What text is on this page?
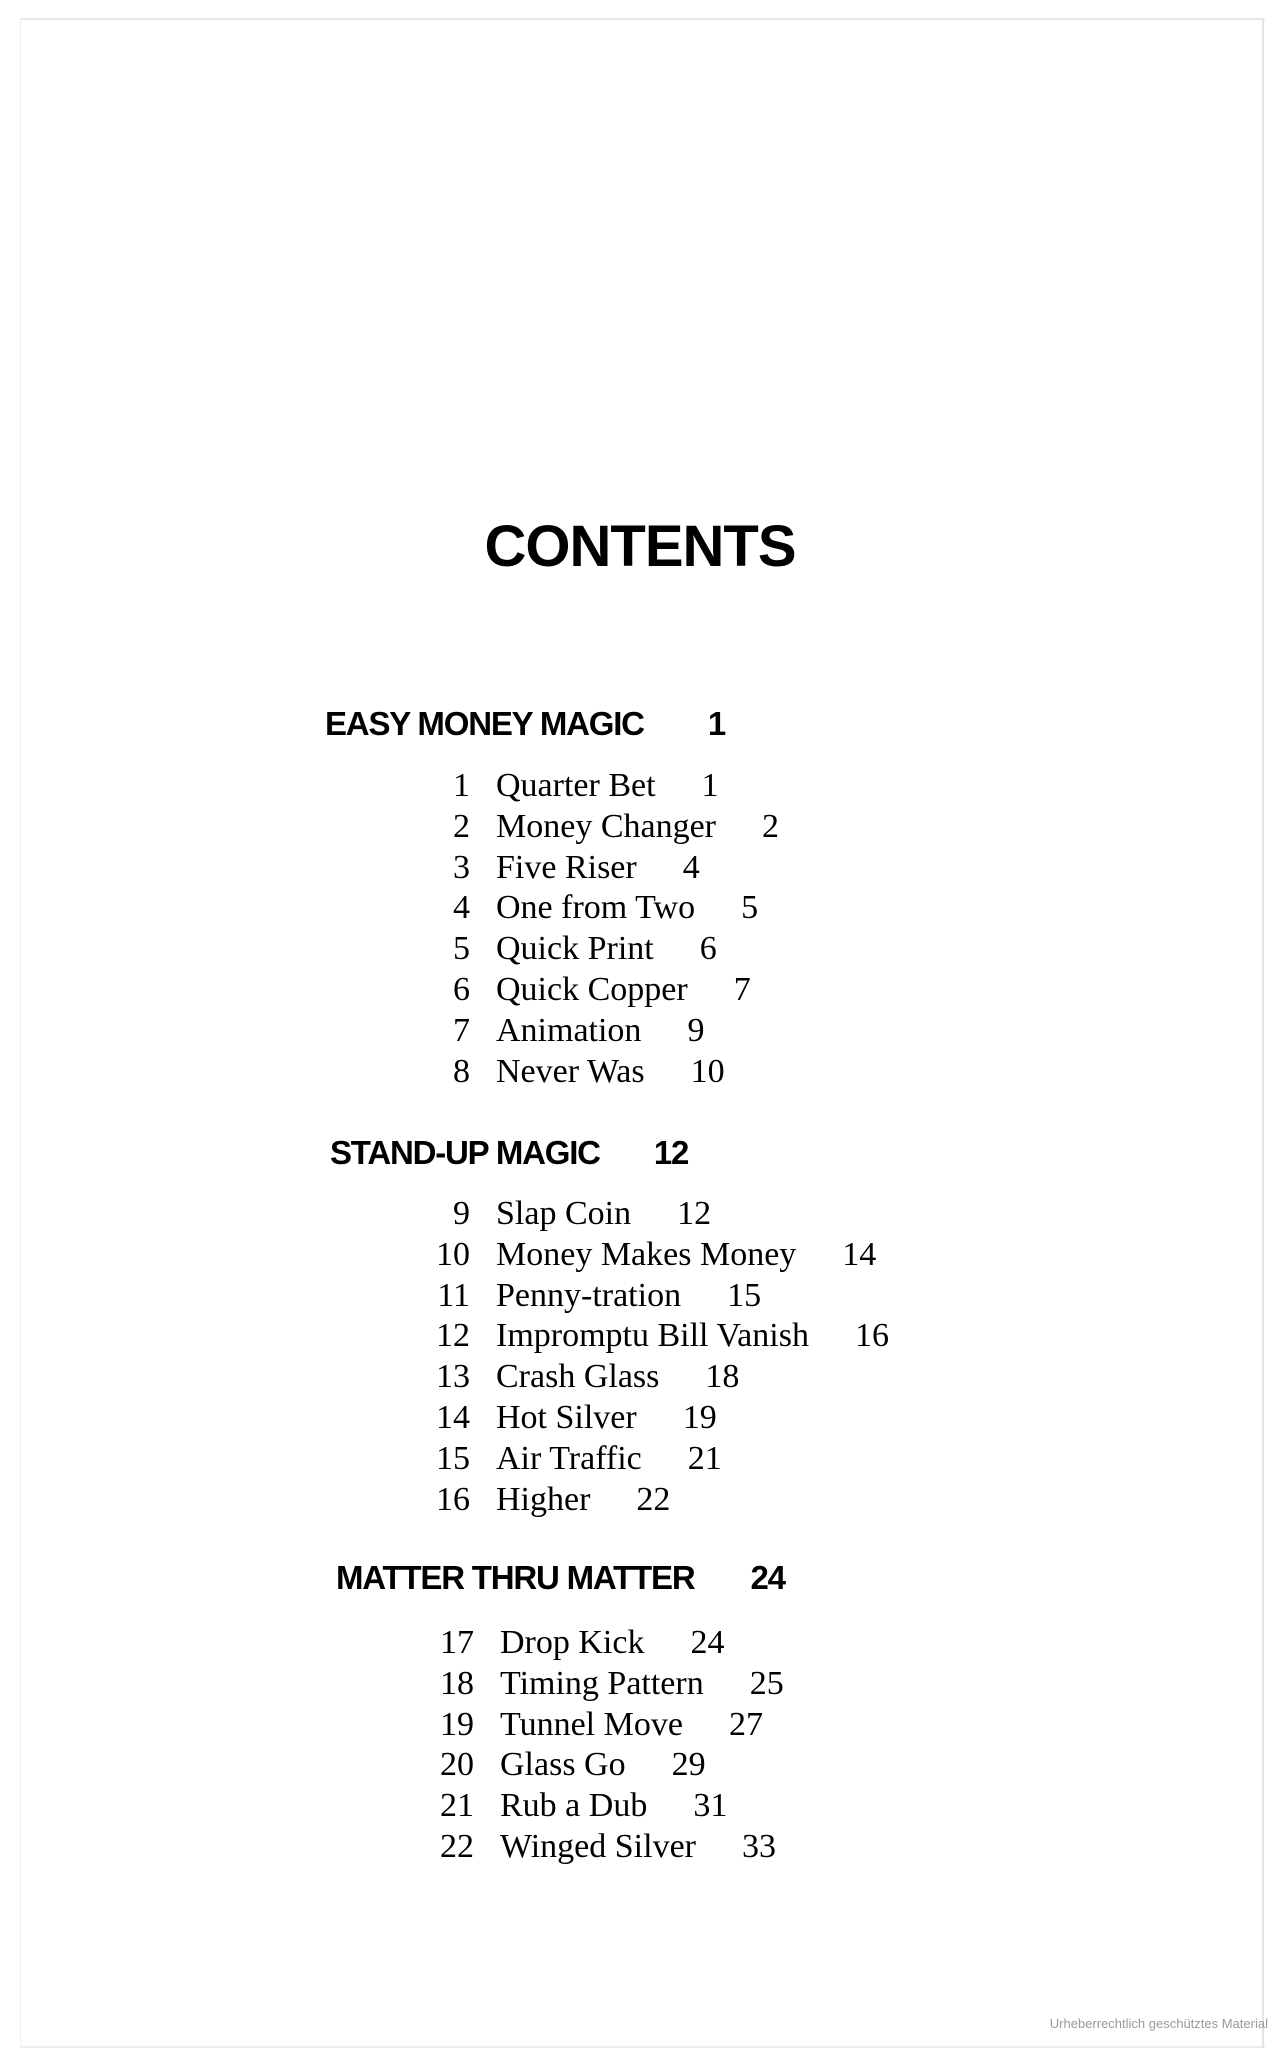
CONTENTS
EASY MONEY MAGIC 1
1 Quarter Bet 1
2 Money Changer 2
3 Five Riser 4
4 One from Two 5
5 Quick Print 6
6 Quick Copper 7
7 Animation 9
8 Never Was 10
STAND-UP MAGIC 12
9 Slap Coin 12
10 Money Makes Money 14
11 Penny-tration 15
12 Impromptu Bill Vanish 16
13 Crash Glass 18
14 Hot Silver 19
15 Air Traffic 21
16 Higher 22
MATTER THRU MATTER 24
17 Drop Kick 24
18 Timing Pattern 25
19 Tunnel Move 27
20 Glass Go 29
21 Rub a Dub 31
22 Winged Silver 33
Urheberrechtlich geschütztes Material
